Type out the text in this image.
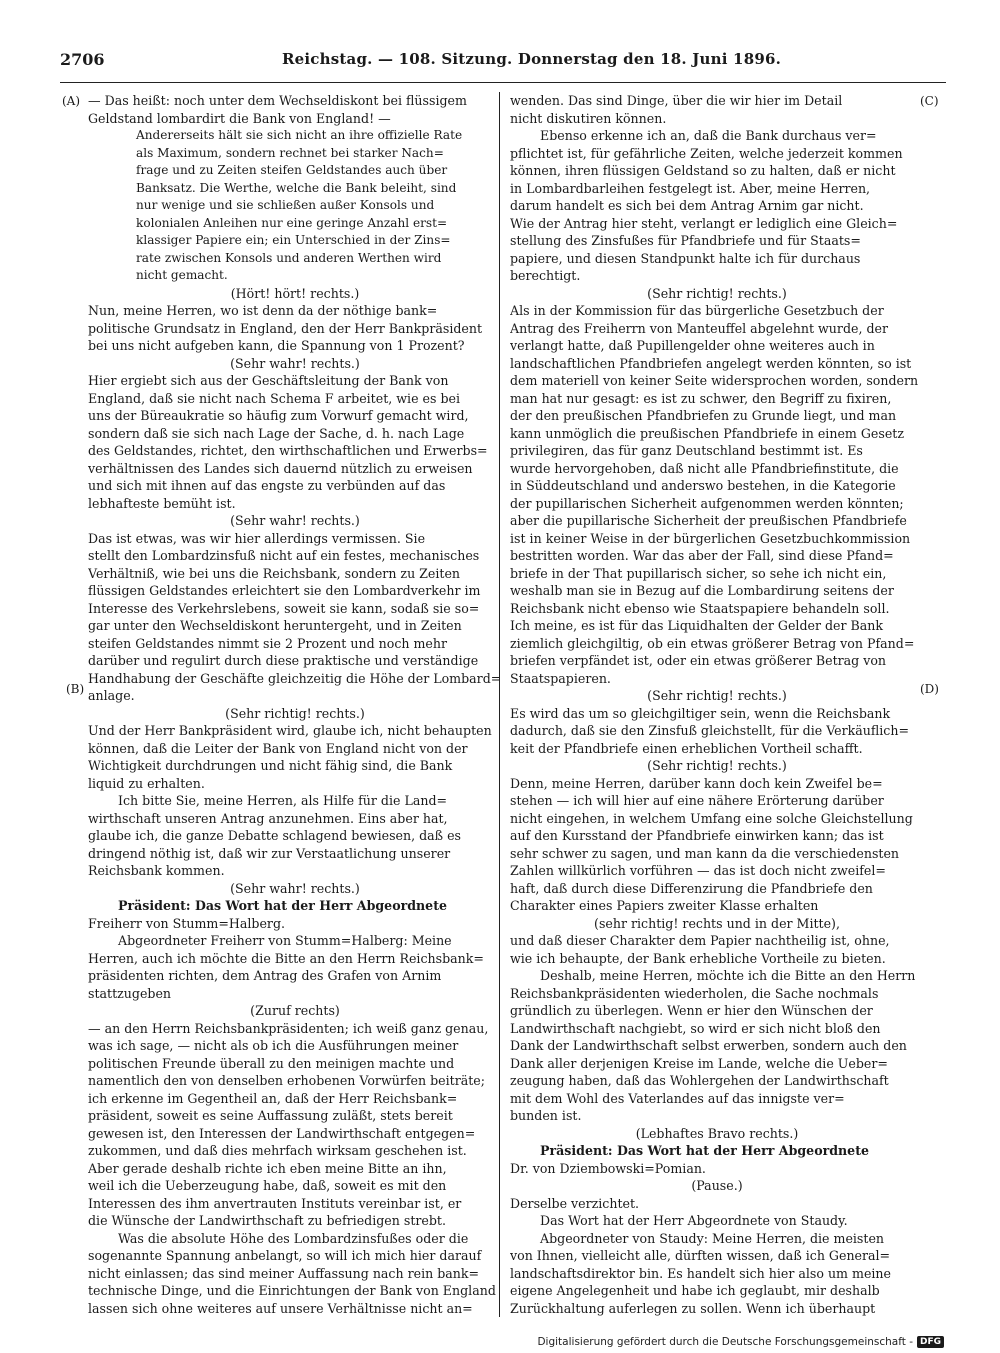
2706	Reichstag. — 108. Sitzung. Donnerstag den 18. Juni 1896.
(A)
(B)
(C)
(D)
— Das heißt: noch unter dem Wechseldiskont bei flüssigem
Geldstand lombardirt die Bank von England! —
Andererseits hält sie sich nicht an ihre offizielle Rate
als Maximum, sondern rechnet bei starker Nach=
frage und zu Zeiten steifen Geldstandes auch über
Banksatz. Die Werthe, welche die Bank beleiht, sind
nur wenige und sie schließen außer Konsols und
kolonialen Anleihen nur eine geringe Anzahl erst=
klassiger Papiere ein; ein Unterschied in der Zins=
rate zwischen Konsols und anderen Werthen wird
nicht gemacht.
(Hört! hört! rechts.)
Nun, meine Herren, wo ist denn da der nöthige bank=
politische Grundsatz in England, den der Herr Bankpräsident
bei uns nicht aufgeben kann, die Spannung von 1 Prozent?
(Sehr wahr! rechts.)
Hier ergiebt sich aus der Geschäftsleitung der Bank von
England, daß sie nicht nach Schema F arbeitet, wie es bei
uns der Büreaukratie so häufig zum Vorwurf gemacht wird,
sondern daß sie sich nach Lage der Sache, d. h. nach Lage
des Geldstandes, richtet, den wirthschaftlichen und Erwerbs=
verhältnissen des Landes sich dauernd nützlich zu erweisen
und sich mit ihnen auf das engste zu verbünden auf das
lebhafteste bemüht ist.
(Sehr wahr! rechts.)
Das ist etwas, was wir hier allerdings vermissen. Sie
stellt den Lombardzinsfuß nicht auf ein festes, mechanisches
Verhältniß, wie bei uns die Reichsbank, sondern zu Zeiten
flüssigen Geldstandes erleichtert sie den Lombardverkehr im
Interesse des Verkehrslebens, soweit sie kann, sodaß sie so=
gar unter den Wechseldiskont heruntergeht, und in Zeiten
steifen Geldstandes nimmt sie 2 Prozent und noch mehr
darüber und regulirt durch diese praktische und verständige
Handhabung der Geschäfte gleichzeitig die Höhe der Lombard=
anlage.
(Sehr richtig! rechts.)
Und der Herr Bankpräsident wird, glaube ich, nicht behaupten
können, daß die Leiter der Bank von England nicht von der
Wichtigkeit durchdrungen und nicht fähig sind, die Bank
liquid zu erhalten.
Ich bitte Sie, meine Herren, als Hilfe für die Land=
wirthschaft unseren Antrag anzunehmen. Eins aber hat,
glaube ich, die ganze Debatte schlagend bewiesen, daß es
dringend nöthig ist, daß wir zur Verstaatlichung unserer
Reichsbank kommen.
(Sehr wahr! rechts.)
Präsident: Das Wort hat der Herr Abgeordnete
Freiherr von Stumm=Halberg.
Abgeordneter Freiherr von Stumm=Halberg: Meine
Herren, auch ich möchte die Bitte an den Herrn Reichsbank=
präsidenten richten, dem Antrag des Grafen von Arnim
stattzugeben
(Zuruf rechts)
— an den Herrn Reichsbankpräsidenten; ich weiß ganz genau,
was ich sage, — nicht als ob ich die Ausführungen meiner
politischen Freunde überall zu den meinigen machte und
namentlich den von denselben erhobenen Vorwürfen beiträte;
ich erkenne im Gegentheil an, daß der Herr Reichsbank=
präsident, soweit es seine Auffassung zuläßt, stets bereit
gewesen ist, den Interessen der Landwirthschaft entgegen=
zukommen, und daß dies mehrfach wirksam geschehen ist.
Aber gerade deshalb richte ich eben meine Bitte an ihn,
weil ich die Ueberzeugung habe, daß, soweit es mit den
Interessen des ihm anvertrauten Instituts vereinbar ist, er
die Wünsche der Landwirthschaft zu befriedigen strebt.
Was die absolute Höhe des Lombardzinsfußes oder die
sogenannte Spannung anbelangt, so will ich mich hier darauf
nicht einlassen; das sind meiner Auffassung nach rein bank=
technische Dinge, und die Einrichtungen der Bank von England
lassen sich ohne weiteres auf unsere Verhältnisse nicht an=
wenden. Das sind Dinge, über die wir hier im Detail
nicht diskutiren können.
Ebenso erkenne ich an, daß die Bank durchaus ver=
pflichtet ist, für gefährliche Zeiten, welche jederzeit kommen
können, ihren flüssigen Geldstand so zu halten, daß er nicht
in Lombardbarleihen festgelegt ist. Aber, meine Herren,
darum handelt es sich bei dem Antrag Arnim gar nicht.
Wie der Antrag hier steht, verlangt er lediglich eine Gleich=
stellung des Zinsfußes für Pfandbriefe und für Staats=
papiere, und diesen Standpunkt halte ich für durchaus
berechtigt.
(Sehr richtig! rechts.)
Als in der Kommission für das bürgerliche Gesetzbuch der
Antrag des Freiherrn von Manteuffel abgelehnt wurde, der
verlangt hatte, daß Pupillengelder ohne weiteres auch in
landschaftlichen Pfandbriefen angelegt werden könnten, so ist
dem materiell von keiner Seite widersprochen worden, sondern
man hat nur gesagt: es ist zu schwer, den Begriff zu fixiren,
der den preußischen Pfandbriefen zu Grunde liegt, und man
kann unmöglich die preußischen Pfandbriefe in einem Gesetz
privilegiren, das für ganz Deutschland bestimmt ist. Es
wurde hervorgehoben, daß nicht alle Pfandbriefinstitute, die
in Süddeutschland und anderswo bestehen, in die Kategorie
der pupillarischen Sicherheit aufgenommen werden könnten;
aber die pupillarische Sicherheit der preußischen Pfandbriefe
ist in keiner Weise in der bürgerlichen Gesetzbuchkommission
bestritten worden. War das aber der Fall, sind diese Pfand=
briefe in der That pupillarisch sicher, so sehe ich nicht ein,
weshalb man sie in Bezug auf die Lombardirung seitens der
Reichsbank nicht ebenso wie Staatspapiere behandeln soll.
Ich meine, es ist für das Liquidhalten der Gelder der Bank
ziemlich gleichgiltig, ob ein etwas größerer Betrag von Pfand=
briefen verpfändet ist, oder ein etwas größerer Betrag von
Staatspapieren.
(Sehr richtig! rechts.)
Es wird das um so gleichgiltiger sein, wenn die Reichsbank
dadurch, daß sie den Zinsfuß gleichstellt, für die Verkäuflich=
keit der Pfandbriefe einen erheblichen Vortheil schafft.
(Sehr richtig! rechts.)
Denn, meine Herren, darüber kann doch kein Zweifel be=
stehen — ich will hier auf eine nähere Erörterung darüber
nicht eingehen, in welchem Umfang eine solche Gleichstellung
auf den Kursstand der Pfandbriefe einwirken kann; das ist
sehr schwer zu sagen, und man kann da die verschiedensten
Zahlen willkürlich vorführen — das ist doch nicht zweifel=
haft, daß durch diese Differenzirung die Pfandbriefe den
Charakter eines Papiers zweiter Klasse erhalten
(sehr richtig! rechts und in der Mitte),
und daß dieser Charakter dem Papier nachtheilig ist, ohne,
wie ich behaupte, der Bank erhebliche Vortheile zu bieten.
Deshalb, meine Herren, möchte ich die Bitte an den Herrn
Reichsbankpräsidenten wiederholen, die Sache nochmals
gründlich zu überlegen. Wenn er hier den Wünschen der
Landwirthschaft nachgiebt, so wird er sich nicht bloß den
Dank der Landwirthschaft selbst erwerben, sondern auch den
Dank aller derjenigen Kreise im Lande, welche die Ueber=
zeugung haben, daß das Wohlergehen der Landwirthschaft
mit dem Wohl des Vaterlandes auf das innigste ver=
bunden ist.
(Lebhaftes Bravo rechts.)
Präsident: Das Wort hat der Herr Abgeordnete
Dr. von Dziembowski=Pomian.
(Pause.)
Derselbe verzichtet.
Das Wort hat der Herr Abgeordnete von Staudy.
Abgeordneter von Staudy: Meine Herren, die meisten
von Ihnen, vielleicht alle, dürften wissen, daß ich General=
landschaftsdirektor bin. Es handelt sich hier also um meine
eigene Angelegenheit und habe ich geglaubt, mir deshalb
Zurückhaltung auferlegen zu sollen. Wenn ich überhaupt
Digitalisierung gefördert durch die Deutsche Forschungsgemeinschaft - DFG
